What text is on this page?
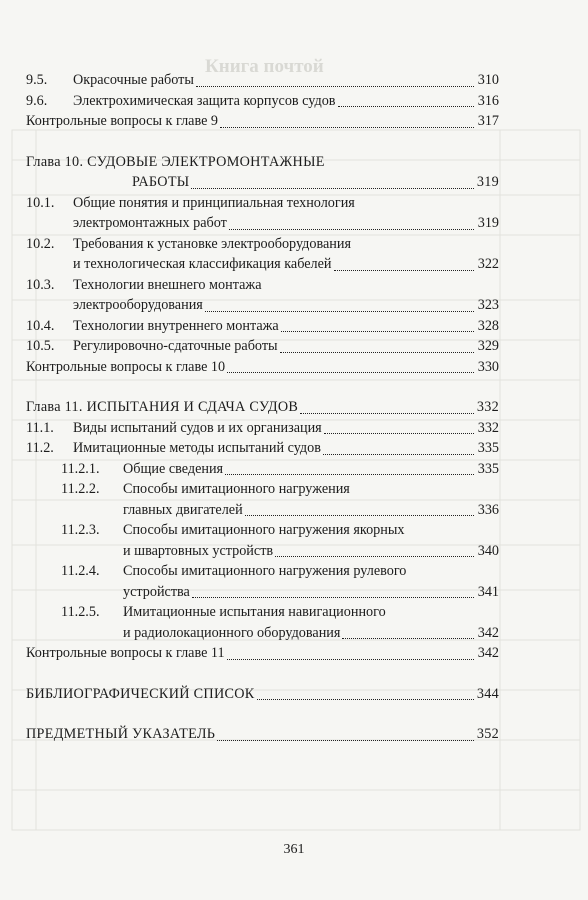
Книга почтой
9.5.	Окрасочные работы	310
9.6.	Электрохимическая защита корпусов судов	316
Контрольные вопросы к главе 9	317
Глава 10. СУДОВЫЕ ЭЛЕКТРОМОНТАЖНЫЕ
РАБОТЫ	319
10.1. Общие понятия и принципиальная технология
электромонтажных работ	319
10.2. Требования к установке электрооборудования
и технологическая классификация кабелей	322
10.3. Технологии внешнего монтажа
электрооборудования	323
10.4.	Технологии внутреннего монтажа	328
10.5.	Регулировочно-сдаточные работы	329
Контрольные вопросы к главе 10	330
Глава 11. ИСПЫТАНИЯ И СДАЧА СУДОВ	332
11.1.	Виды испытаний судов и их организация	332
11.2.	Имитационные методы испытаний судов	335
11.2.1.	Общие сведения	335
11.2.2. Способы имитационного нагружения
главных двигателей	336
11.2.3. Способы имитационного нагружения якорных
и швартовных устройств	340
11.2.4. Способы имитационного нагружения рулевого
устройства	341
11.2.5. Имитационные испытания навигационного
и радиолокационного оборудования	342
Контрольные вопросы к главе 11	342
БИБЛИОГРАФИЧЕСКИЙ СПИСОК	344
ПРЕДМЕТНЫЙ УКАЗАТЕЛЬ	352
361
